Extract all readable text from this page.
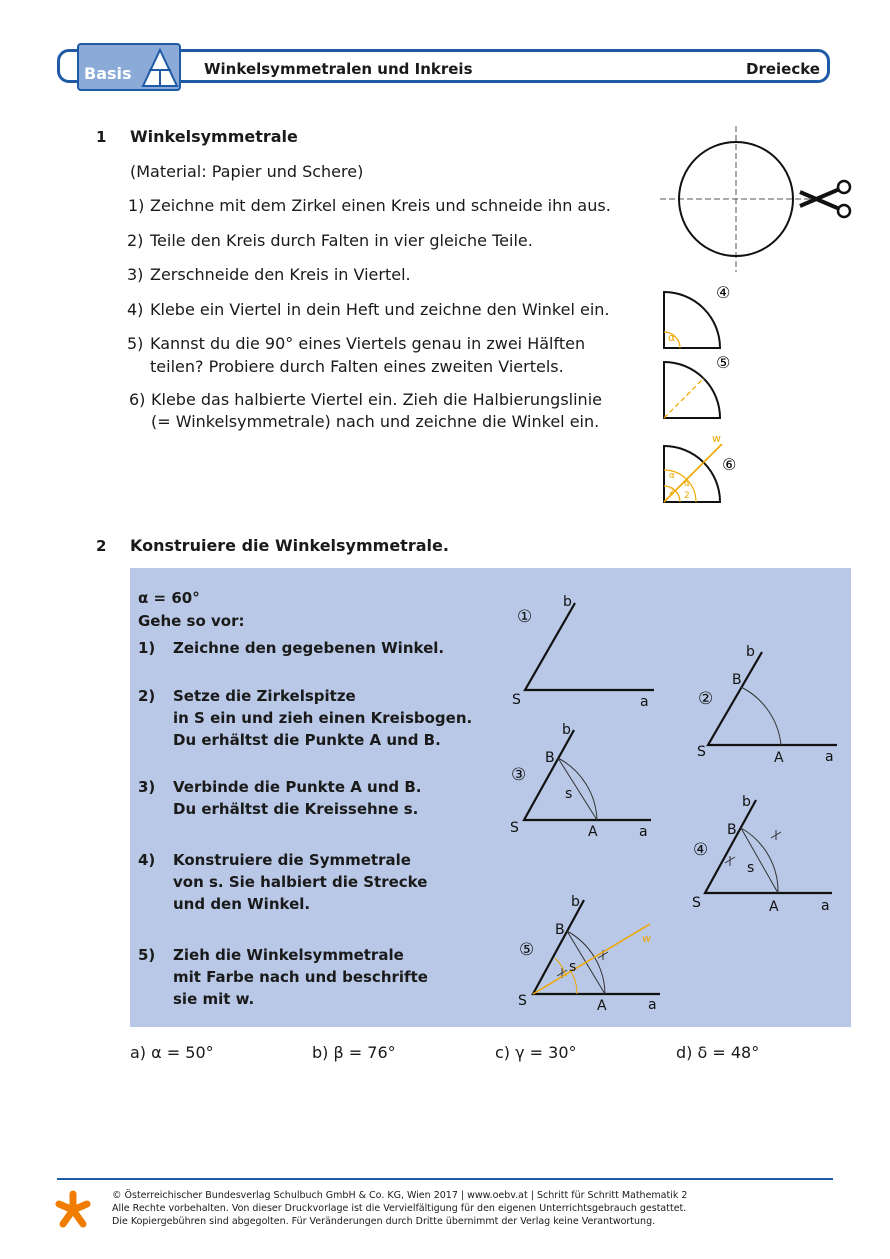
Basis	Winkelsymmetralen und Inkreis	Dreiecke
1 Winkelsymmetrale
(Material: Papier und Schere)
1) Zeichne mit dem Zirkel einen Kreis und schneide ihn aus.
2) Teile den Kreis durch Falten in vier gleiche Teile.
3) Zerschneide den Kreis in Viertel.
4) Klebe ein Viertel in dein Heft und zeichne den Winkel ein.
5) Kannst du die 90° eines Viertels genau in zwei Hälften
teilen? Probiere durch Falten eines zweiten Viertels.
6) Klebe das halbierte Viertel ein. Zieh die Halbierungslinie
(= Winkelsymmetrale) nach und zeichne die Winkel ein.
α
④
⑤
w
α
2
α
2
⑥
2 Konstruiere die Winkelsymmetrale.
α = 60°
Gehe so vor:
1) Zeichne den gegebenen Winkel.
2) Setze die Zirkelspitze
in S ein und zieh einen Kreisbogen.
Du erhältst die Punkte A und B.
3) Verbinde die Punkte A und B.
Du erhältst die Kreissehne s.
4) Konstruiere die Symmetrale
von s. Sie halbiert die Strecke
und den Winkel.
5) Zieh die Winkelsymmetrale
mit Farbe nach und beschrifte
sie mit w.
w
b
S	a
①
b
B
S	A	a
②
b
B
s
S	A	a
③
b
B
s
S	A	a
④
b
B
s
S	A	a
⑤
a) α = 50°	b) β = 76°	c) γ = 30°	d) δ = 48°
© Österreichischer Bundesverlag Schulbuch GmbH & Co. KG, Wien 2017 | www.oebv.at | Schritt für Schritt Mathematik 2
Alle Rechte vorbehalten. Von dieser Druckvorlage ist die Vervielfältigung für den eigenen Unterrichtsgebrauch gestattet.
Die Kopiergebühren sind abgegolten. Für Veränderungen durch Dritte übernimmt der Verlag keine Verantwortung.
